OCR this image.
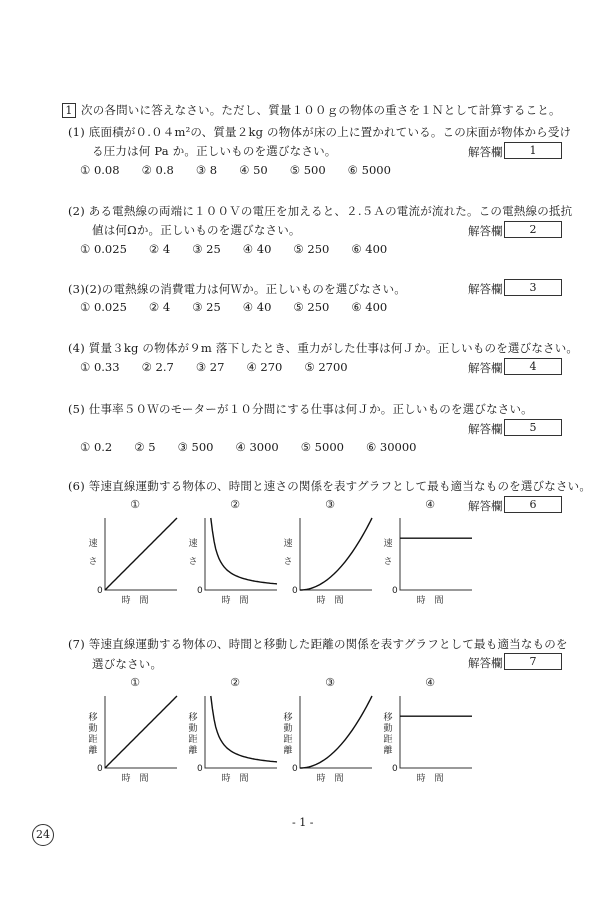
1 次の各問いに答えなさい。ただし、質量１００ｇの物体の重さを１Ｎとして計算すること。
(1) 底面積が０.０４m²の、質量２kg の物体が床の上に置かれている。この床面が物体から受け
る圧力は何 Pa か。正しいものを選びなさい。	解答欄	1
① 0.08 ② 0.8 ③ 8 ④ 50 ⑤ 500 ⑥ 5000
(2) ある電熱線の両端に１００Ｖの電圧を加えると、２.５Ａの電流が流れた。この電熱線の抵抗
値は何Ωか。正しいものを選びなさい。	解答欄	2
① 0.025 ② 4 ③ 25 ④ 40 ⑤ 250 ⑥ 400
(3)(2)の電熱線の消費電力は何Ｗか。正しいものを選びなさい。	解答欄	3
① 0.025 ② 4 ③ 25 ④ 40 ⑤ 250 ⑥ 400
(4) 質量３kg の物体が９m 落下したとき、重力がした仕事は何Ｊか。正しいものを選びなさい。
解答欄	4
① 0.33 ② 2.7 ③ 27 ④ 270 ⑤ 2700
(5) 仕事率５０Ｗのモーターが１０分間にする仕事は何Ｊか。正しいものを選びなさい。
解答欄	5
① 0.2 ② 5 ③ 500 ④ 3000 ⑤ 5000 ⑥ 30000
(6) 等速直線運動する物体の、時間と速さの関係を表すグラフとして最も適当なものを選びなさい。
解答欄	6
①
0
時　間
速
さ
②
0
時　間
速
さ
③
0
時　間
速
さ
④
0
時　間
速
さ
(7) 等速直線運動する物体の、時間と移動した距離の関係を表すグラフとして最も適当なものを
選びなさい。	解答欄	7
①
0
時　間
移
動
距
離
②
0
時　間
移
動
距
離
③
0
時　間
移
動
距
離
④
0
時　間
移
動
距
離
- 1 -
24
